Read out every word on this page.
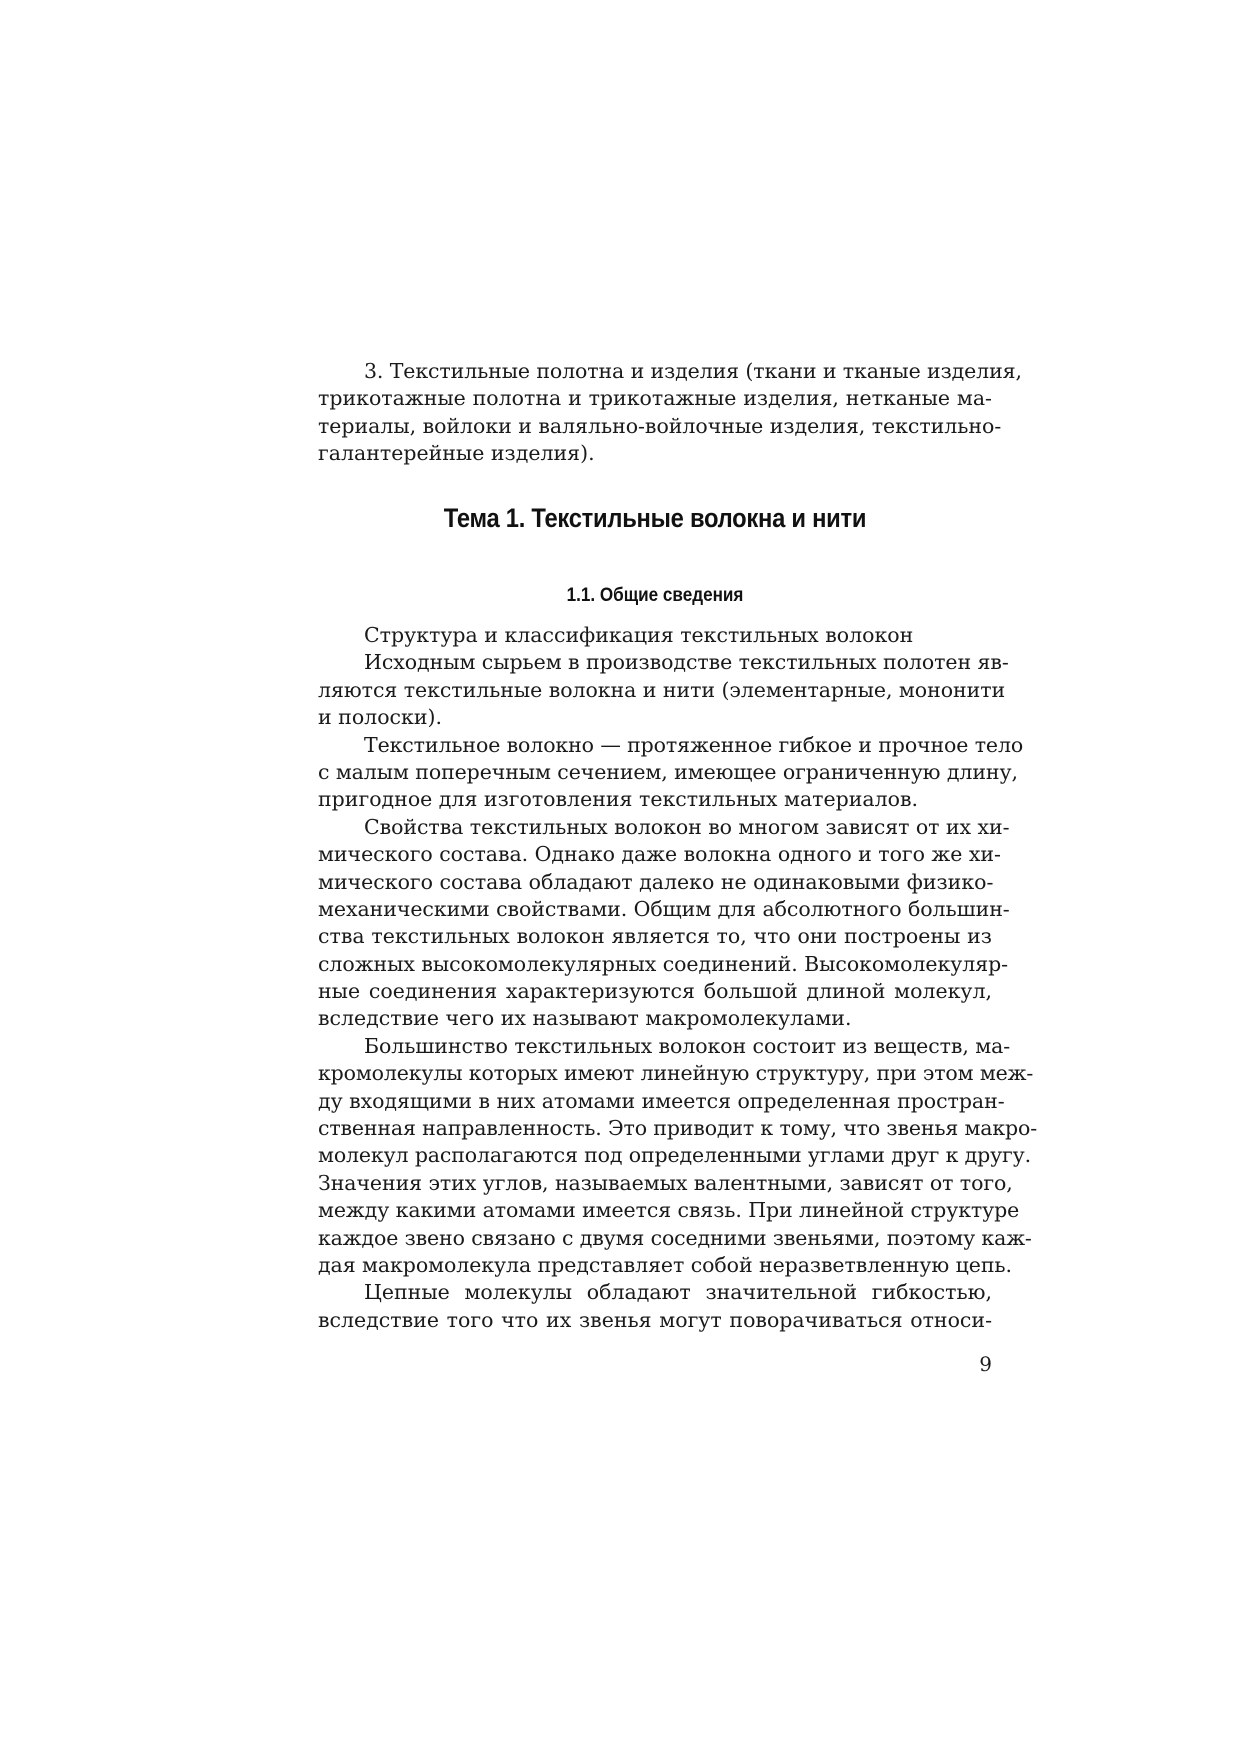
3. Текстильные полотна и изделия (ткани и тканые изделия,
трикотажные полотна и трикотажные изделия, нетканые ма-
териалы, войлоки и валяльно-войлочные изделия, текстильно-
галантерейные изделия).
Тема 1. Текстильные волокна и нити
1.1. Общие сведения
Структура и классификация текстильных волокон
Исходным сырьем в производстве текстильных полотен яв-
ляются текстильные волокна и нити (элементарные, мононити
и полоски).
Текстильное волокно — протяженное гибкое и прочное тело
с малым поперечным сечением, имеющее ограниченную длину,
пригодное для изготовления текстильных материалов.
Свойства текстильных волокон во многом зависят от их хи-
мического состава. Однако даже волокна одного и того же хи-
мического состава обладают далеко не одинаковыми физико-
механическими свойствами. Общим для абсолютного большин-
ства текстильных волокон является то, что они построены из
сложных высокомолекулярных соединений. Высокомолекуляр-
ные соединения характеризуются большой длиной молекул,
вследствие чего их называют макромолекулами.
Большинство текстильных волокон состоит из веществ, ма-
кромолекулы которых имеют линейную структуру, при этом меж-
ду входящими в них атомами имеется определенная простран-
ственная направленность. Это приводит к тому, что звенья макро-
молекул располагаются под определенными углами друг к другу.
Значения этих углов, называемых валентными, зависят от того,
между какими атомами имеется связь. При линейной структуре
каждое звено связано с двумя соседними звеньями, поэтому каж-
дая макромолекула представляет собой неразветвленную цепь.
Цепные молекулы обладают значительной гибкостью,
вследствие того что их звенья могут поворачиваться относи-
9
